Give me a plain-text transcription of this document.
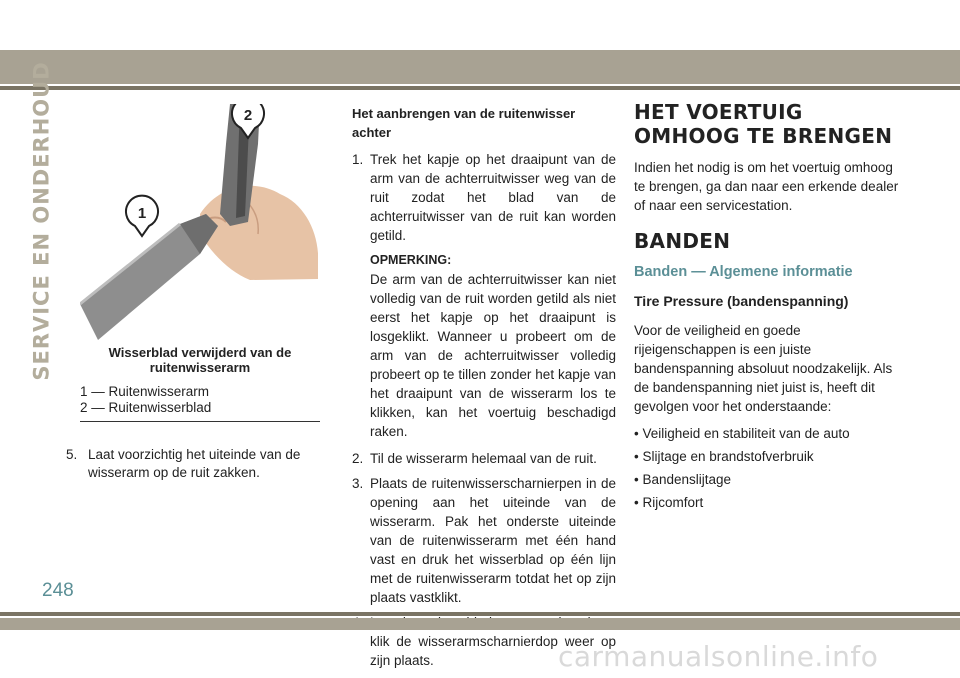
SERVICE EN ONDERHOUD	1
2
Wisserblad verwijderd van de ruitenwisserarm
1 — Ruitenwisserarm
2 — Ruitenwisserblad
5. Laat voorzichtig het uiteinde van de wisserarm op de ruit zakken.
Het aanbrengen van de ruitenwisser achter
1. Trek het kapje op het draaipunt van de arm van de achterruitwisser weg van de ruit zodat het blad van de achterruitwisser van de ruit kan worden getild.
OPMERKING:
De arm van de achterruitwisser kan niet volledig van de ruit worden getild als niet eerst het kapje op het draaipunt is losgeklikt. Wanneer u probeert om de arm van de achterruitwisser volledig probeert op te tillen zonder het kapje van het draaipunt van de wisserarm los te klikken, kan het voertuig beschadigd raken.
2. Til de wisserarm helemaal van de ruit.
3. Plaats de ruitenwisserscharnierpen in de opening aan het uiteinde van de wisserarm. Pak het onderste uiteinde van de ruitenwisserarm met één hand vast en druk het wisserblad op één lijn met de ruitenwisserarm totdat het op zijn plaats vastklikt.
klik de wisserarmscharnierdop weer op zijn plaats.
HET VOERTUIG OMHOOG TE BRENGEN
Indien het nodig is om het voertuig omhoog te brengen, ga dan naar een erkende dealer of naar een servicestation.
BANDEN
Banden — Algemene informatie
Tire Pressure (bandenspanning)
Voor de veiligheid en goede rijeigenschappen is een juiste bandenspanning absoluut noodzakelijk. Als de bandenspanning niet juist is, heeft dit gevolgen voor het onderstaande:
• Veiligheid en stabiliteit van de auto
• Slijtage en brandstofverbruik
• Bandenslijtage
• Rijcomfort
248
carmanualsonline.info
